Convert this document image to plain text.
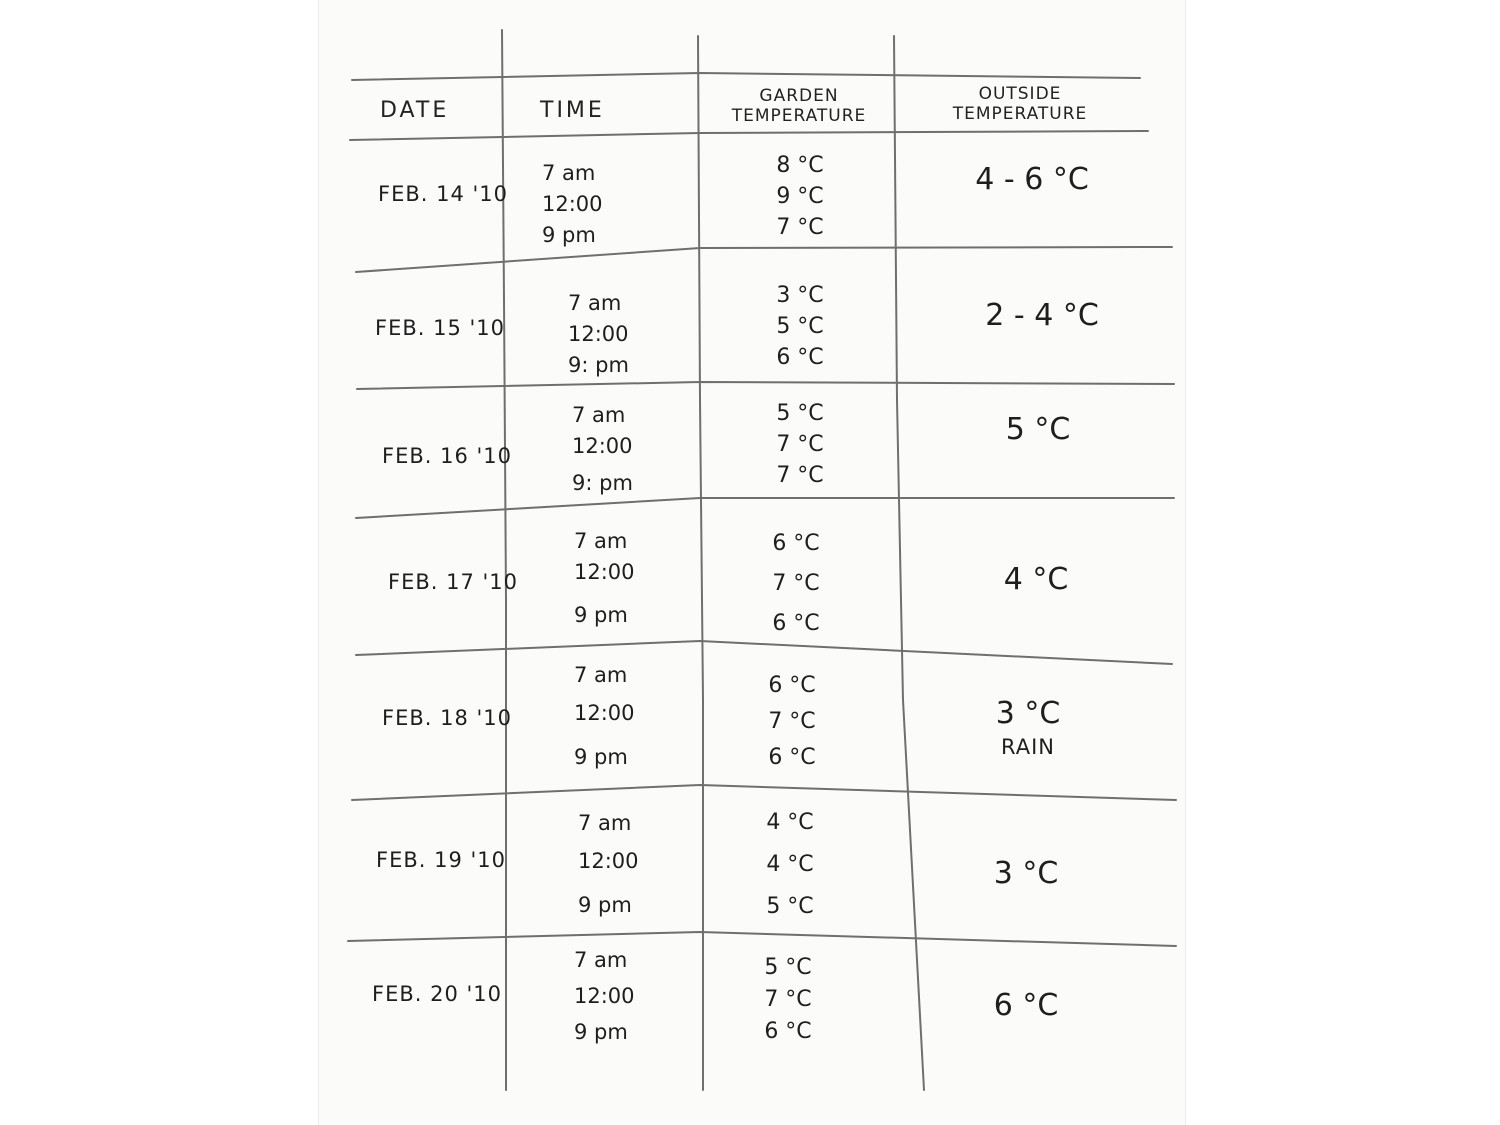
DATE	TIME
GARDEN
TEMPERATURE
OUTSIDE
TEMPERATURE
FEB. 14 '10
7 am
12:00
9 pm
8 °C
9 °C
7 °C
4 - 6 °C
FEB. 15 '10
7 am
12:00
9: pm
3 °C
5 °C
6 °C
2 - 4 °C
FEB. 16 '10
7 am
12:00
9: pm
5 °C
7 °C
7 °C
5 °C
FEB. 17 '10
7 am
12:00
9 pm
6 °C
7 °C
6 °C
4 °C
FEB. 18 '10
7 am
12:00
9 pm
6 °C
7 °C
6 °C
3 °C
RAIN
FEB. 19 '10
7 am
12:00
9 pm
4 °C
4 °C
5 °C
3 °C
FEB. 20 '10
7 am
12:00
9 pm
5 °C
7 °C
6 °C
6 °C
